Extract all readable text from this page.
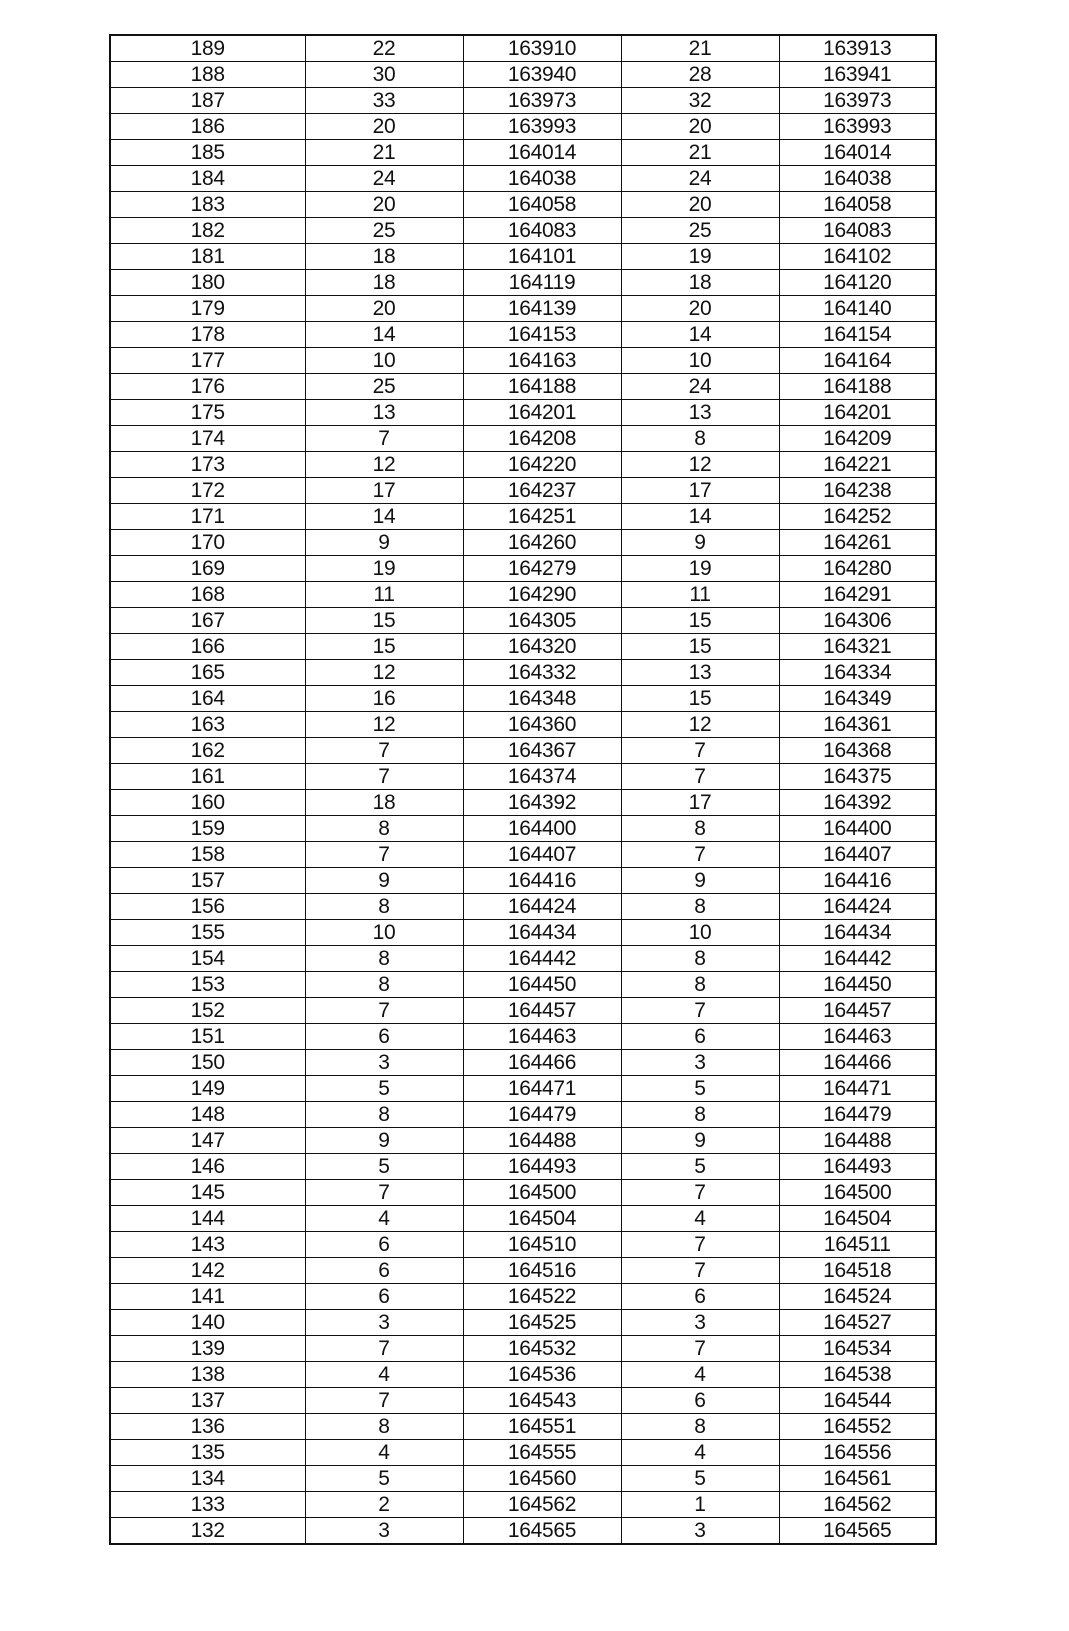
189	22	163910	21	163913
188	30	163940	28	163941
187	33	163973	32	163973
186	20	163993	20	163993
185	21	164014	21	164014
184	24	164038	24	164038
183	20	164058	20	164058
182	25	164083	25	164083
181	18	164101	19	164102
180	18	164119	18	164120
179	20	164139	20	164140
178	14	164153	14	164154
177	10	164163	10	164164
176	25	164188	24	164188
175	13	164201	13	164201
174	7	164208	8	164209
173	12	164220	12	164221
172	17	164237	17	164238
171	14	164251	14	164252
170	9	164260	9	164261
169	19	164279	19	164280
168	11	164290	11	164291
167	15	164305	15	164306
166	15	164320	15	164321
165	12	164332	13	164334
164	16	164348	15	164349
163	12	164360	12	164361
162	7	164367	7	164368
161	7	164374	7	164375
160	18	164392	17	164392
159	8	164400	8	164400
158	7	164407	7	164407
157	9	164416	9	164416
156	8	164424	8	164424
155	10	164434	10	164434
154	8	164442	8	164442
153	8	164450	8	164450
152	7	164457	7	164457
151	6	164463	6	164463
150	3	164466	3	164466
149	5	164471	5	164471
148	8	164479	8	164479
147	9	164488	9	164488
146	5	164493	5	164493
145	7	164500	7	164500
144	4	164504	4	164504
143	6	164510	7	164511
142	6	164516	7	164518
141	6	164522	6	164524
140	3	164525	3	164527
139	7	164532	7	164534
138	4	164536	4	164538
137	7	164543	6	164544
136	8	164551	8	164552
135	4	164555	4	164556
134	5	164560	5	164561
133	2	164562	1	164562
132	3	164565	3	164565
